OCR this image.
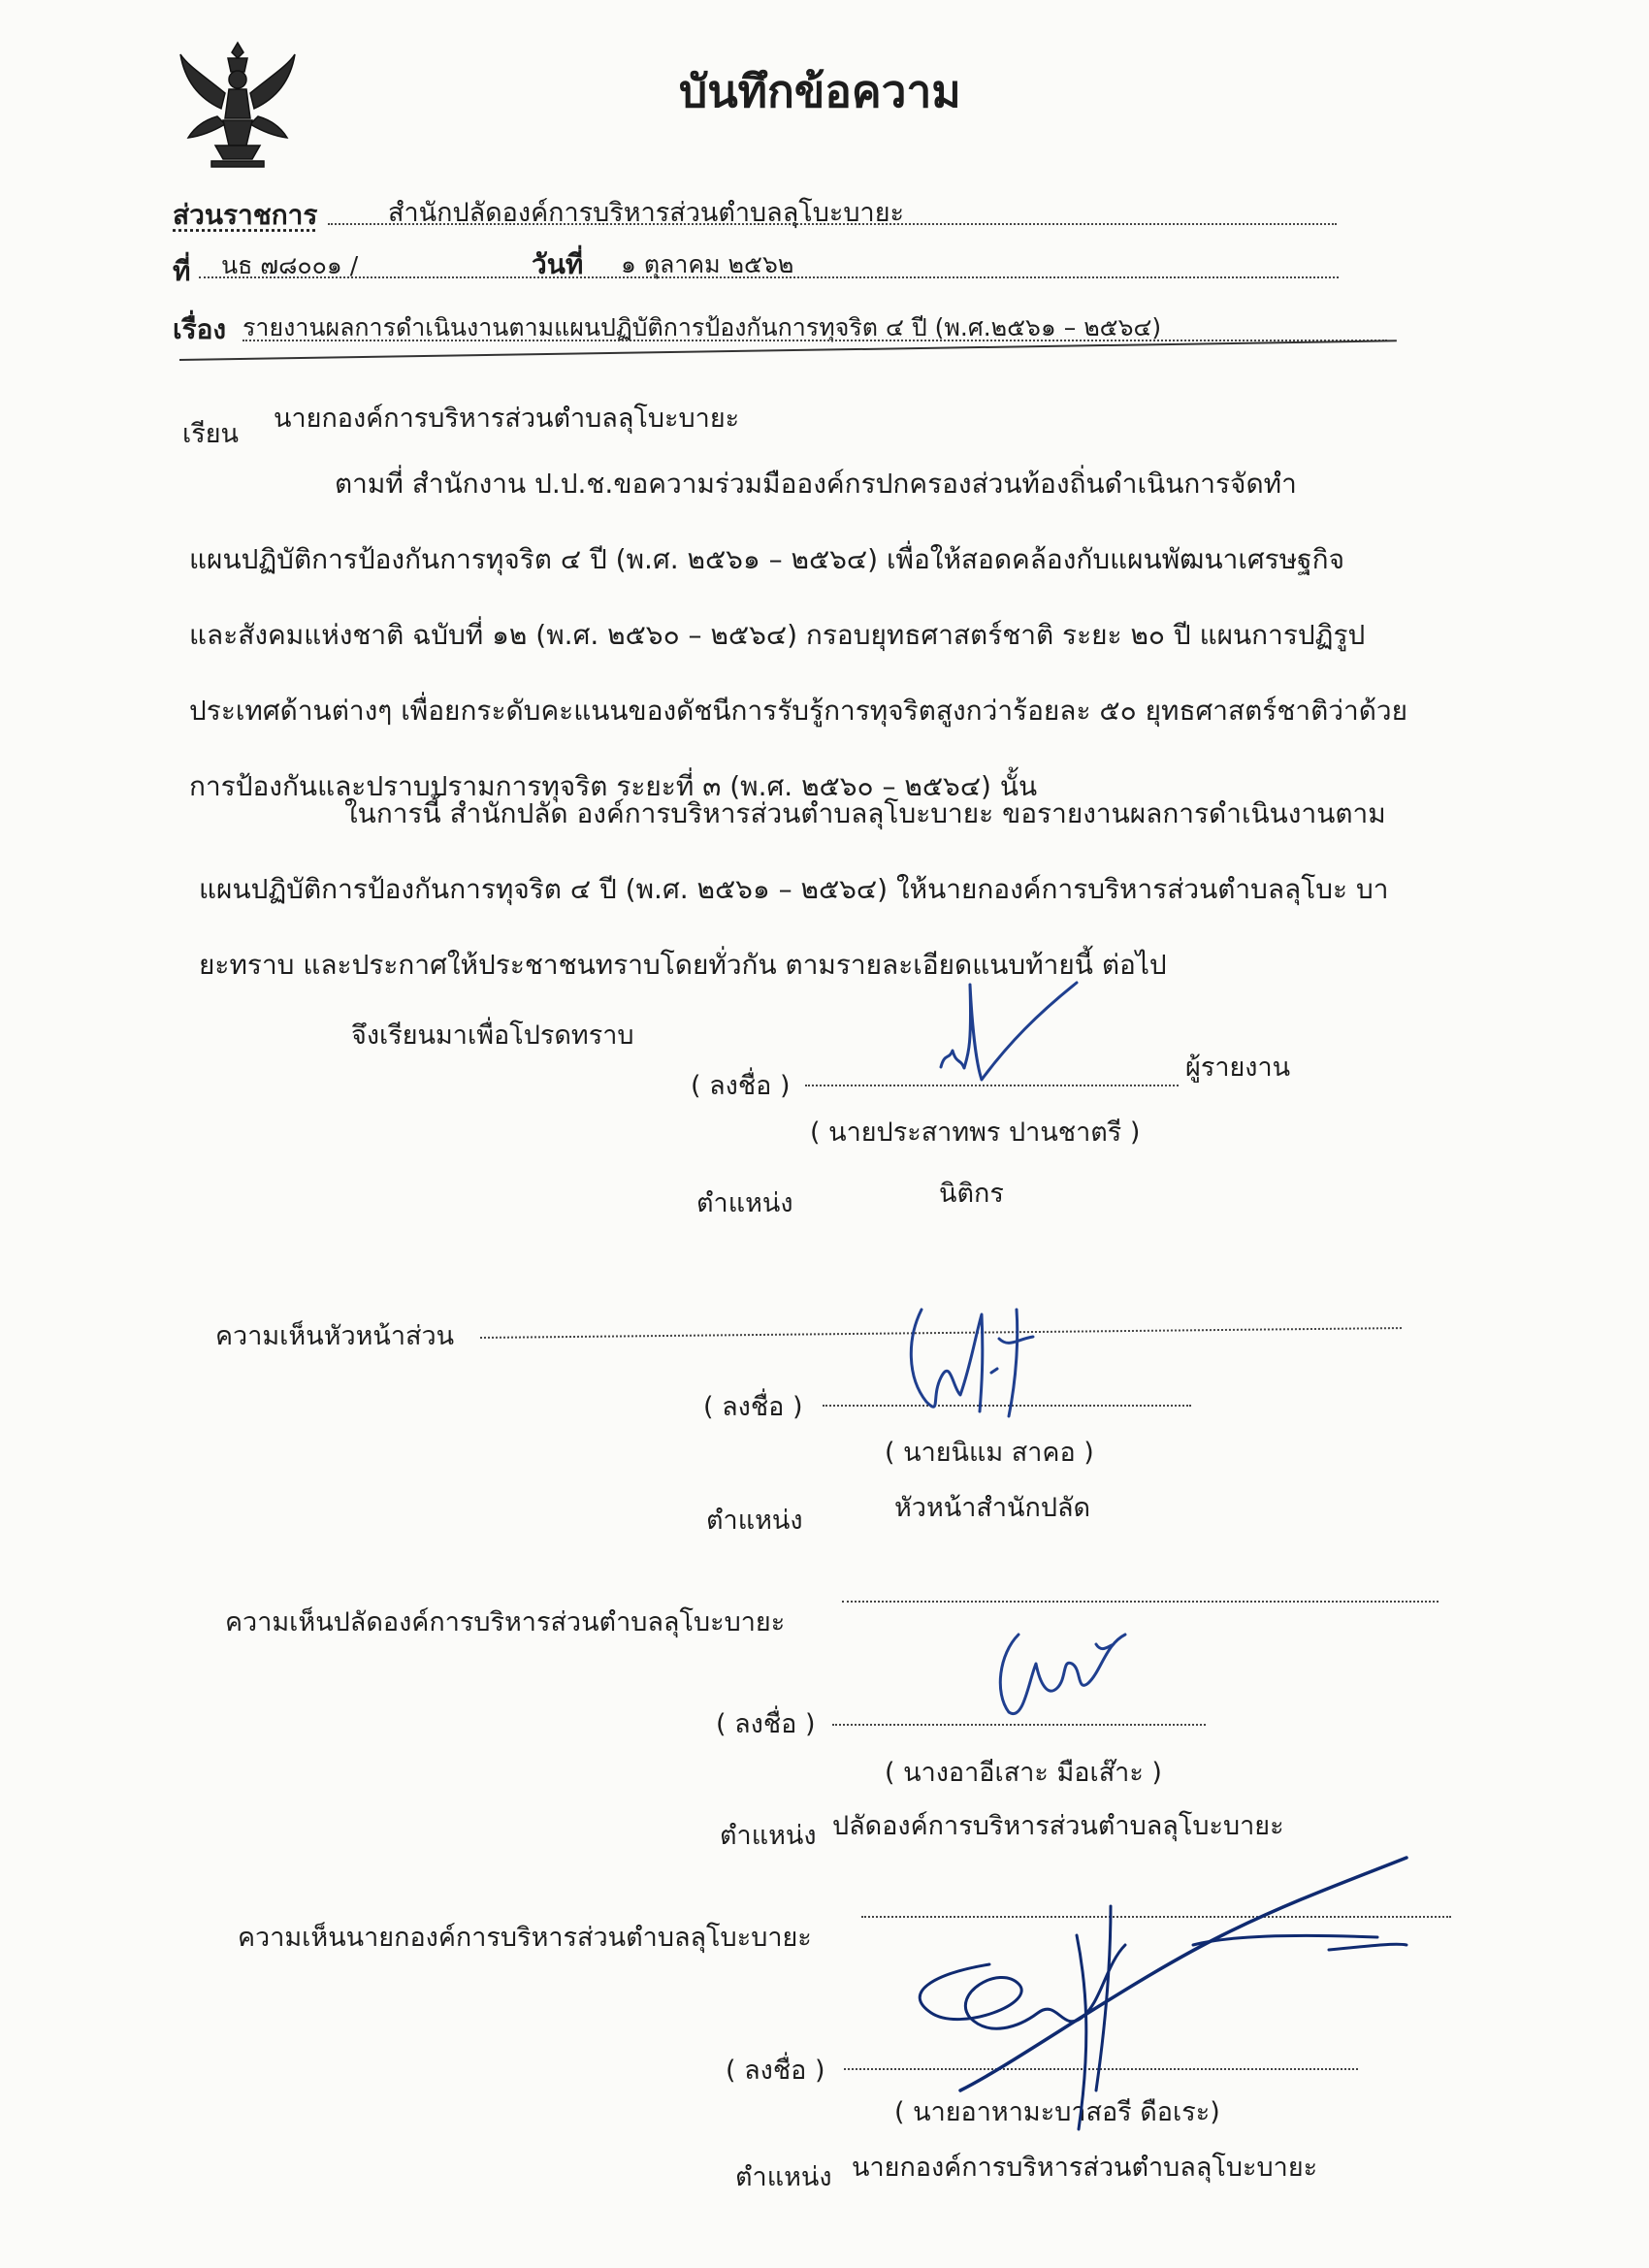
บันทึกข้อความ
ส่วนราชการ	สำนักปลัดองค์การบริหารส่วนตำบลลุโบะบายะ
ที่ นธ ๗๘๐๐๑ /	วันที่ ๑ ตุลาคม ๒๕๖๒
เรื่อง รายงานผลการดำเนินงานตามแผนปฏิบัติการป้องกันการทุจริต ๔ ปี (พ.ศ.๒๕๖๑ – ๒๕๖๔)
เรียน
นายกองค์การบริหารส่วนตำบลลุโบะบายะ
ตามที่ สำนักงาน ป.ป.ช.ขอความร่วมมือองค์กรปกครองส่วนท้องถิ่นดำเนินการจัดทำ
แผนปฏิบัติการป้องกันการทุจริต ๔ ปี (พ.ศ. ๒๕๖๑ – ๒๕๖๔) เพื่อให้สอดคล้องกับแผนพัฒนาเศรษฐกิจ
และสังคมแห่งชาติ ฉบับที่ ๑๒ (พ.ศ. ๒๕๖๐ – ๒๕๖๔) กรอบยุทธศาสตร์ชาติ ระยะ ๒๐ ปี แผนการปฏิรูป
ประเทศด้านต่างๆ เพื่อยกระดับคะแนนของดัชนีการรับรู้การทุจริตสูงกว่าร้อยละ ๕๐ ยุทธศาสตร์ชาติว่าด้วย
การป้องกันและปราบปรามการทุจริต ระยะที่ ๓ (พ.ศ. ๒๕๖๐ – ๒๕๖๔) นั้น
ในการนี้ สำนักปลัด องค์การบริหารส่วนตำบลลุโบะบายะ ขอรายงานผลการดำเนินงานตาม
แผนปฏิบัติการป้องกันการทุจริต ๔ ปี (พ.ศ. ๒๕๖๑ – ๒๕๖๔) ให้นายกองค์การบริหารส่วนตำบลลุโบะ บา
ยะทราบ และประกาศให้ประชาชนทราบโดยทั่วกัน ตามรายละเอียดแนบท้ายนี้ ต่อไป
จึงเรียนมาเพื่อโปรดทราบ
( ลงชื่อ )
ผู้รายงาน
( นายประสาทพร ปานชาตรี )
ตำแหน่ง	นิติกร
ความเห็นหัวหน้าส่วน
( ลงชื่อ )
( นายนิแม สาคอ )
ตำแหน่ง	หัวหน้าสำนักปลัด
ความเห็นปลัดองค์การบริหารส่วนตำบลลุโบะบายะ
( ลงชื่อ )
( นางอาอีเสาะ มือเส๊าะ )
ตำแหน่ง ปลัดองค์การบริหารส่วนตำบลลุโบะบายะ
ความเห็นนายกองค์การบริหารส่วนตำบลลุโบะบายะ
( ลงชื่อ )
( นายอาหามะบาสอรี ดือเระ)
ตำแหน่ง นายกองค์การบริหารส่วนตำบลลุโบะบายะ
